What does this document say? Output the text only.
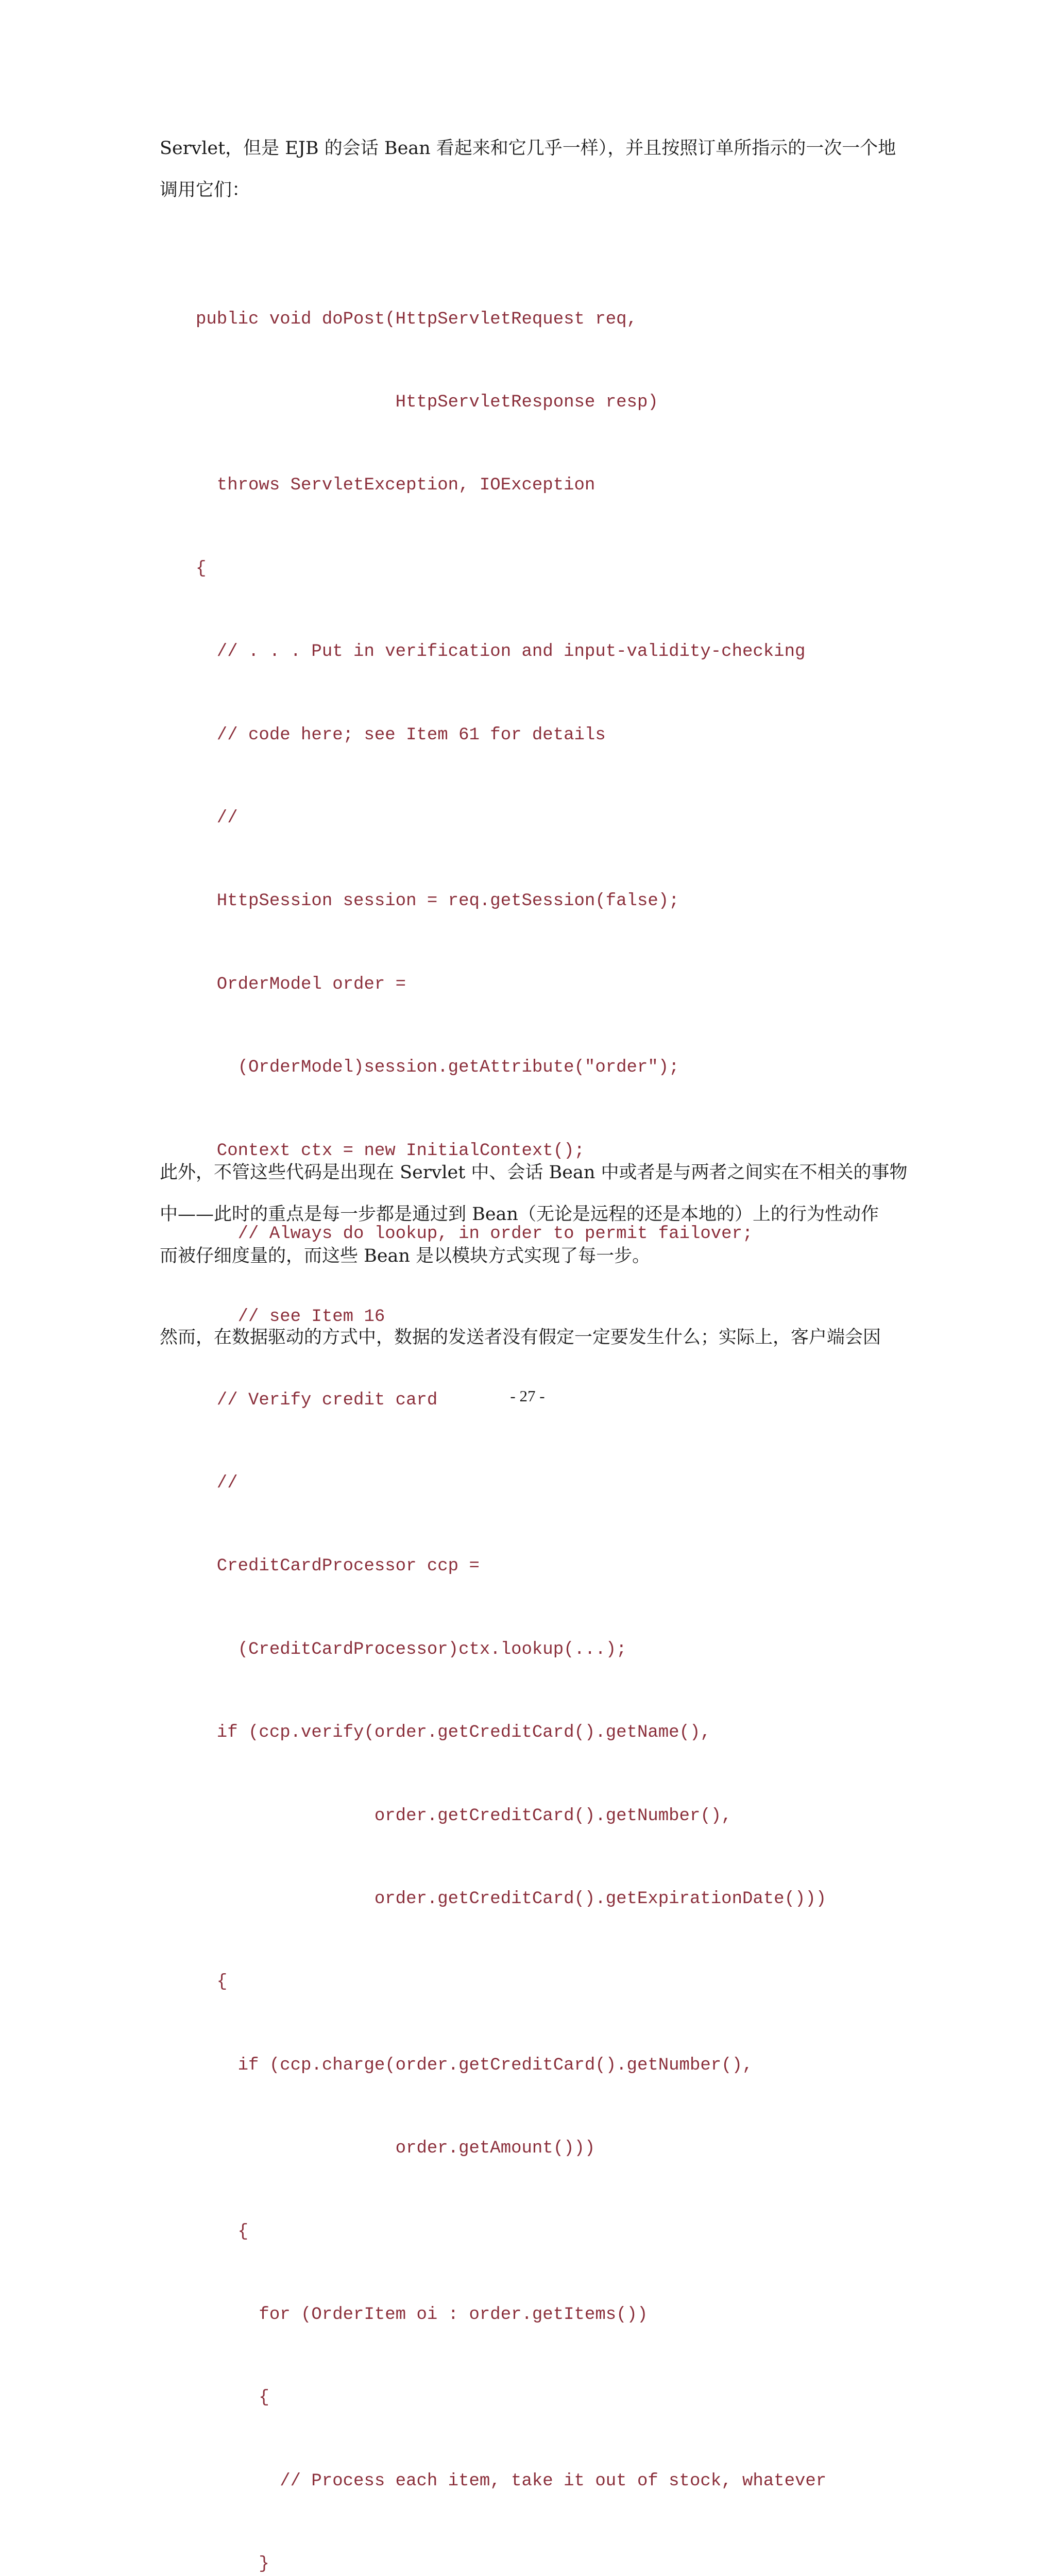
Servlet，但是 EJB 的会话 Bean 看起来和它几乎一样），并且按照订单所指示的一次一个地
调用它们：

public void doPost(HttpServletRequest req,

HttpServletResponse resp)

throws ServletException, IOException

{

// . . . Put in verification and input-validity-checking

// code here; see Item 61 for details

//

HttpSession session = req.getSession(false);

OrderModel order =

(OrderModel)session.getAttribute("order");

Context ctx = new InitialContext();

// Always do lookup, in order to permit failover;

// see Item 16

// Verify credit card

//

CreditCardProcessor ccp =

(CreditCardProcessor)ctx.lookup(...);

if (ccp.verify(order.getCreditCard().getName(),

order.getCreditCard().getNumber(),

order.getCreditCard().getExpirationDate()))

{

if (ccp.charge(order.getCreditCard().getNumber(),

order.getAmount()))

{

for (OrderItem oi : order.getItems())

{

// Process each item, take it out of stock, whatever

}

此外，不管这些代码是出现在 Servlet 中、会话 Bean 中或者是与两者之间实在不相关的事物
中——此时的重点是每一步都是通过到 Bean（无论是远程的还是本地的）上的行为性动作
而被仔细度量的，而这些 Bean 是以模块方式实现了每一步。
然而，在数据驱动的方式中，数据的发送者没有假定一定要发生什么；实际上，客户端会因
- 27 -
